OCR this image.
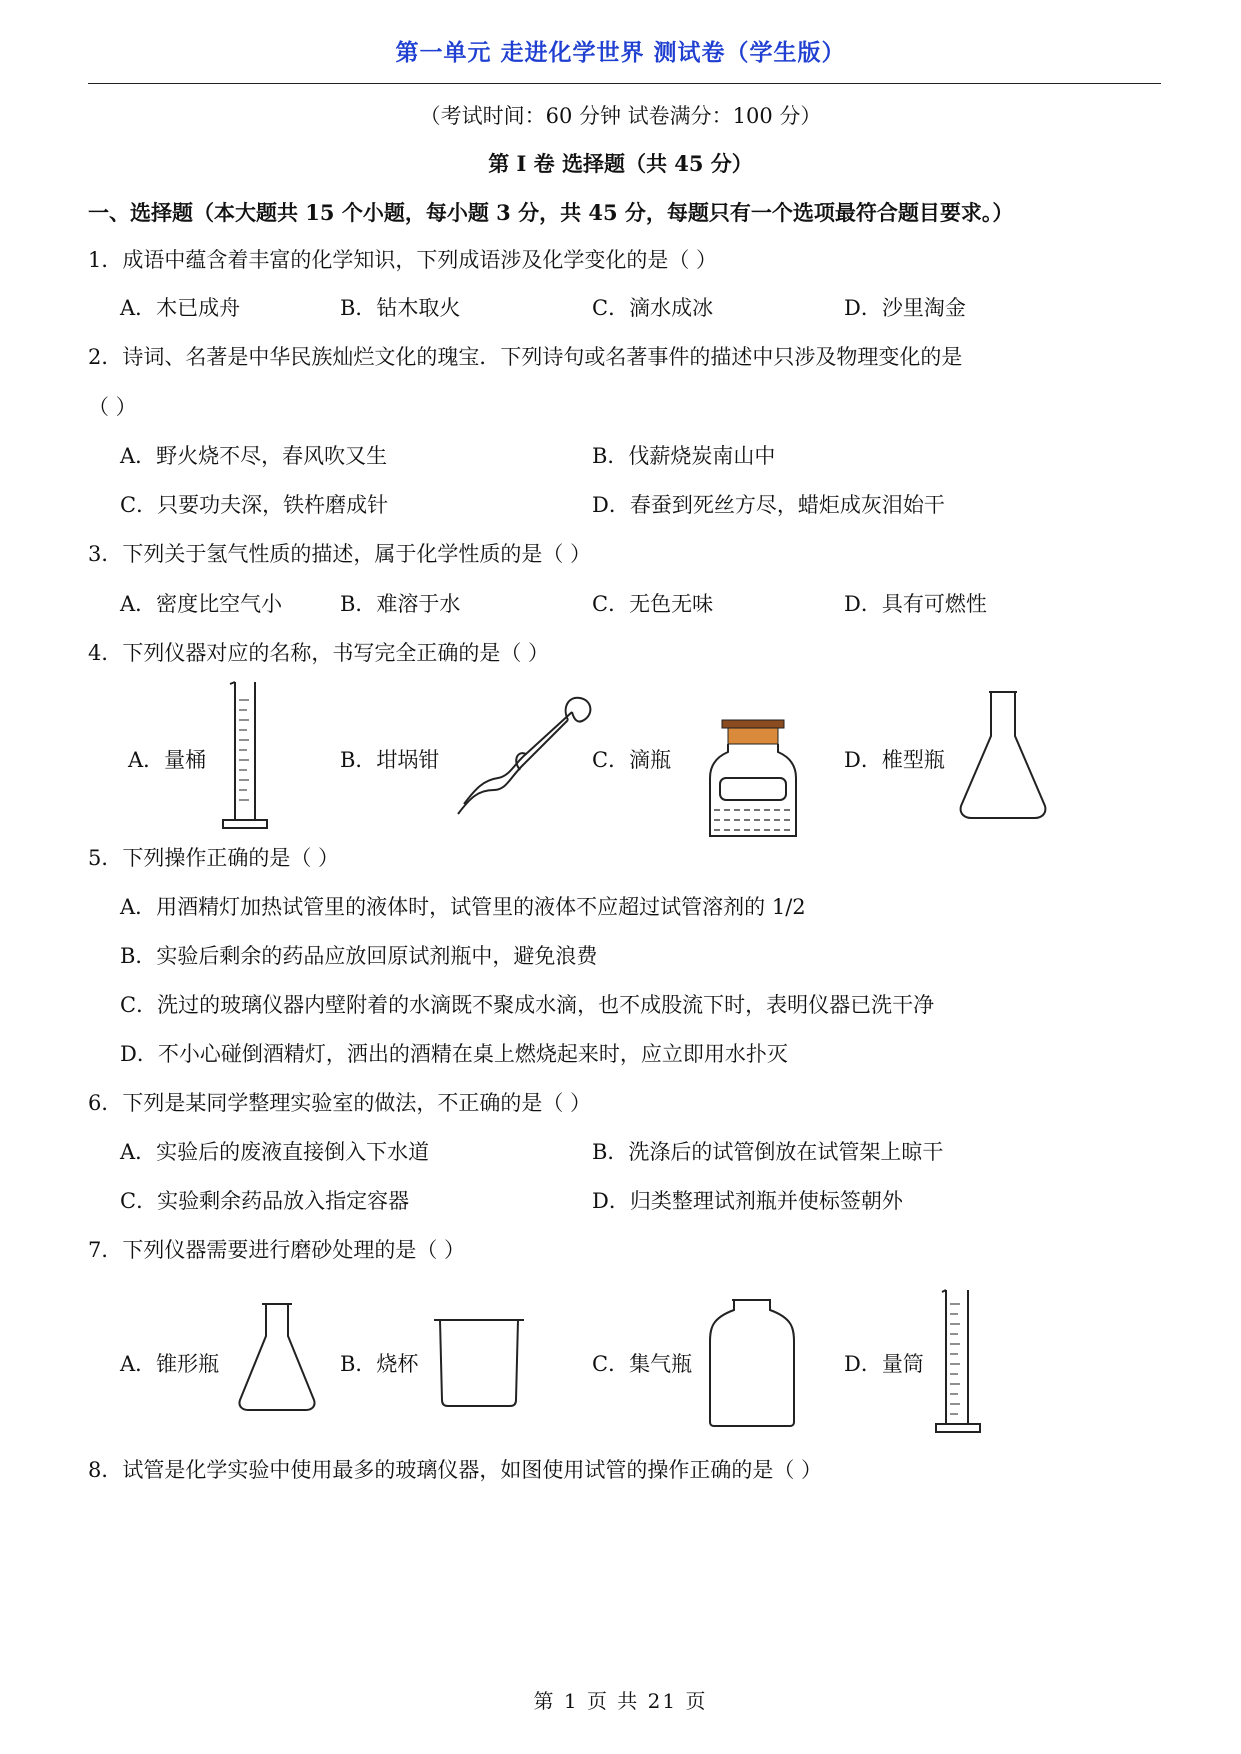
第一单元 走进化学世界 测试卷（学生版）
（考试时间：60 分钟 试卷满分：100 分）
第 I 卷 选择题（共 45 分）
一、选择题（本大题共 15 个小题，每小题 3 分，共 45 分，每题只有一个选项最符合题目要求。）
1．成语中蕴含着丰富的化学知识，下列成语涉及化学变化的是（ ）
A．木已成舟	B．钻木取火	C．滴水成冰	D．沙里淘金
2．诗词、名著是中华民族灿烂文化的瑰宝．下列诗句或名著事件的描述中只涉及物理变化的是
（ ）
A．野火烧不尽，春风吹又生	B．伐薪烧炭南山中
C．只要功夫深，铁杵磨成针	D．春蚕到死丝方尽，蜡炬成灰泪始干
3．下列关于氢气性质的描述，属于化学性质的是（ ）
A．密度比空气小	B．难溶于水	C．无色无味	D．具有可燃性
4．下列仪器对应的名称，书写完全正确的是（ ）
A．量桶	B．坩埚钳	C．滴瓶	D．椎型瓶
5．下列操作正确的是（ ）
A．用酒精灯加热试管里的液体时，试管里的液体不应超过试管溶剂的 1/2
B．实验后剩余的药品应放回原试剂瓶中，避免浪费
C．洗过的玻璃仪器内壁附着的水滴既不聚成水滴，也不成股流下时，表明仪器已洗干净
D．不小心碰倒酒精灯，洒出的酒精在桌上燃烧起来时，应立即用水扑灭
6．下列是某同学整理实验室的做法，不正确的是（ ）
A．实验后的废液直接倒入下水道	B．洗涤后的试管倒放在试管架上晾干
C．实验剩余药品放入指定容器	D．归类整理试剂瓶并使标签朝外
7．下列仪器需要进行磨砂处理的是（ ）
A．锥形瓶	B．烧杯	C．集气瓶	D．量筒
8．试管是化学实验中使用最多的玻璃仪器，如图使用试管的操作正确的是（ ）
第 1 页 共 21 页
